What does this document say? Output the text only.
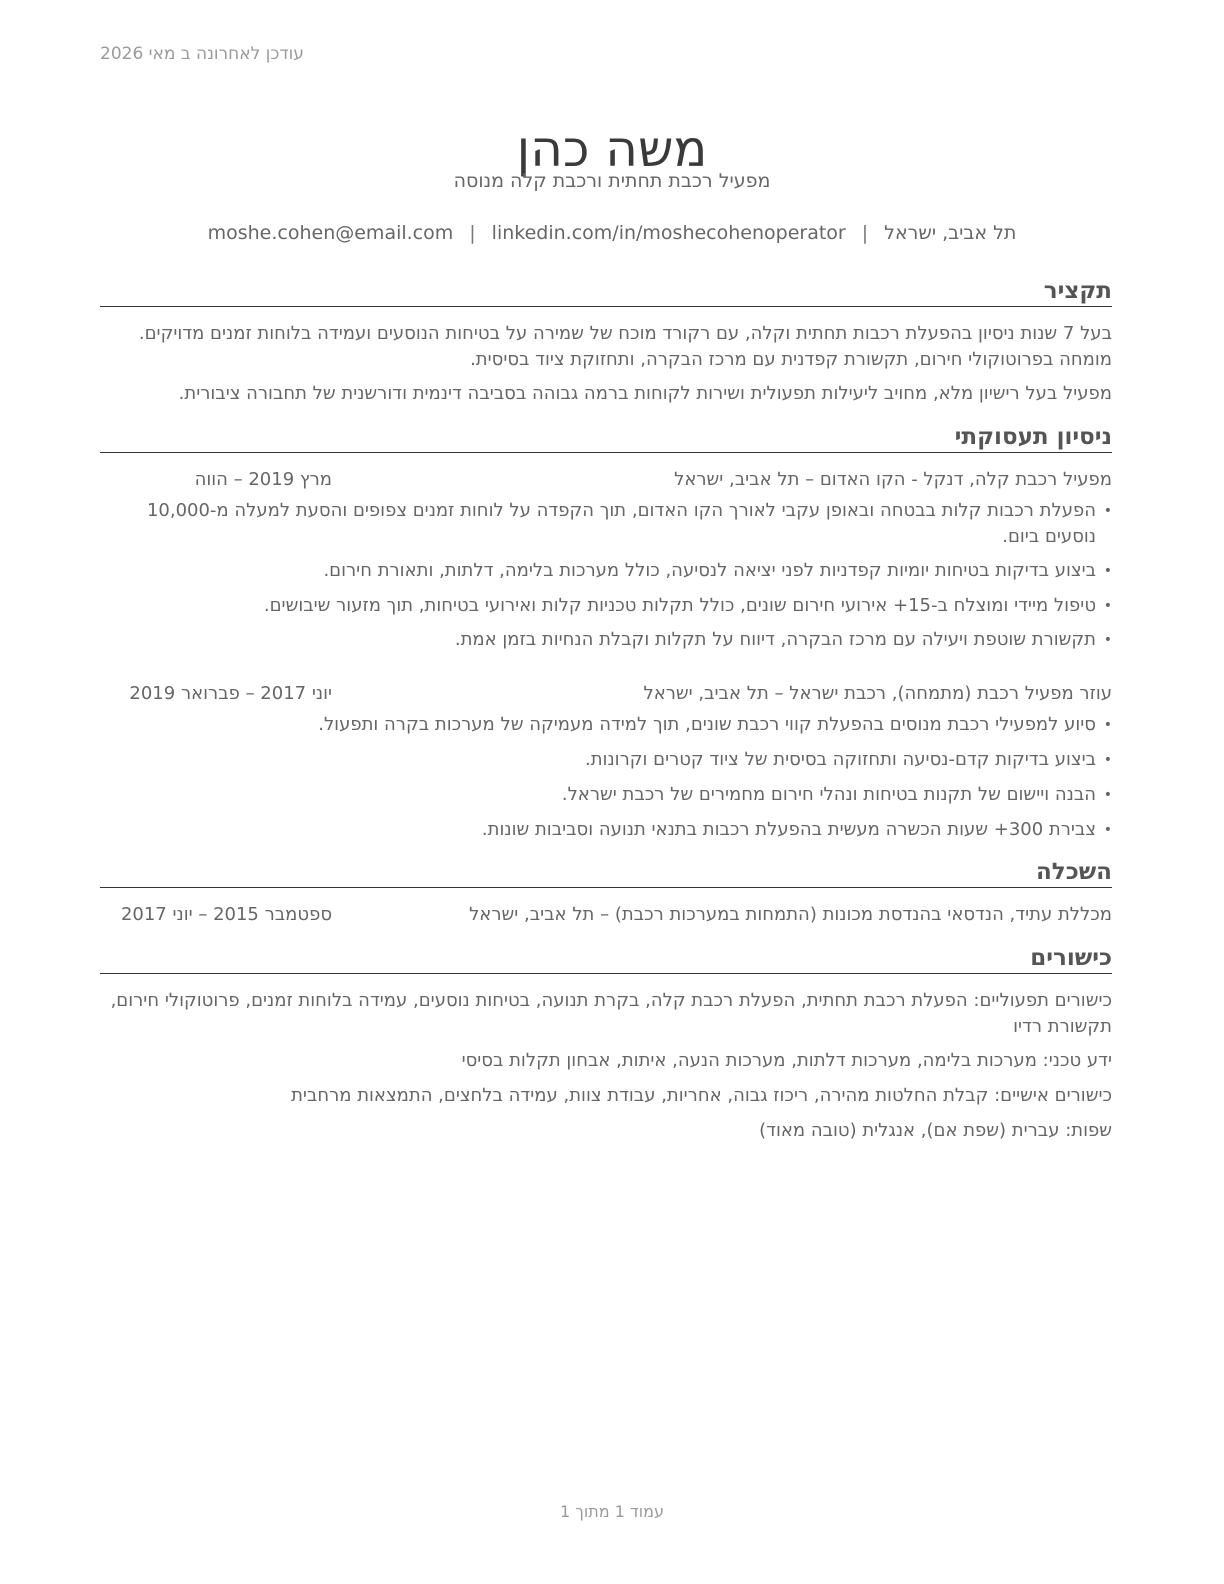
עודכן לאחרונה ב מאי 2026
משה כהן
מפעיל רכבת תחתית ורכבת קלה מנוסה
תל אביב, ישראל|moshe.cohen@email.com | linkedin.com/in/moshecohenoperator
תקציר

בעל 7 שנות ניסיון בהפעלת רכבות תחתית וקלה, עם רקורד מוכח של שמירה על בטיחות הנוסעים ועמידה בלוחות זמנים מדויקים. מומחה בפרוטוקולי חירום, תקשורת קפדנית עם מרכז הבקרה, ותחזוקת ציוד בסיסית.

מפעיל בעל רישיון מלא, מחויב ליעילות תפעולית ושירות לקוחות ברמה גבוהה בסביבה דינמית ודורשנית של תחבורה ציבורית.

ניסיון תעסוקתי
מפעיל רכבת קלה, דנקל - הקו האדום – תל אביב, ישראל
מרץ 2019 – הווה
• הפעלת רכבות קלות בבטחה ובאופן עקבי לאורך הקו האדום, תוך הקפדה על לוחות זמנים צפופים והסעת למעלה מ-10,000 נוסעים ביום.
• ביצוע בדיקות בטיחות יומיות קפדניות לפני יציאה לנסיעה, כולל מערכות בלימה, דלתות, ותאורת חירום.
• טיפול מיידי ומוצלח ב-15+ אירועי חירום שונים, כולל תקלות טכניות קלות ואירועי בטיחות, תוך מזעור שיבושים.
• תקשורת שוטפת ויעילה עם מרכז הבקרה, דיווח על תקלות וקבלת הנחיות בזמן אמת.
עוזר מפעיל רכבת (מתמחה), רכבת ישראל – תל אביב, ישראל
יוני 2017 – פברואר 2019
• סיוע למפעילי רכבת מנוסים בהפעלת קווי רכבת שונים, תוך למידה מעמיקה של מערכות בקרה ותפעול.
• ביצוע בדיקות קדם-נסיעה ותחזוקה בסיסית של ציוד קטרים וקרונות.
• הבנה ויישום של תקנות בטיחות ונהלי חירום מחמירים של רכבת ישראל.
• צבירת 300+ שעות הכשרה מעשית בהפעלת רכבות בתנאי תנועה וסביבות שונות.
השכלה
מכללת עתיד, הנדסאי בהנדסת מכונות (התמחות במערכות רכבת) – תל אביב, ישראל
ספטמבר 2015 – יוני 2017
כישורים

כישורים תפעוליים: הפעלת רכבת תחתית, הפעלת רכבת קלה, בקרת תנועה, בטיחות נוסעים, עמידה בלוחות זמנים, פרוטוקולי חירום, תקשורת רדיו

ידע טכני: מערכות בלימה, מערכות דלתות, מערכות הנעה, איתות, אבחון תקלות בסיסי

כישורים אישיים: קבלת החלטות מהירה, ריכוז גבוה, אחריות, עבודת צוות, עמידה בלחצים, התמצאות מרחבית

שפות: עברית (שפת אם), אנגלית (טובה מאוד)

עמוד 1 מתוך 1
